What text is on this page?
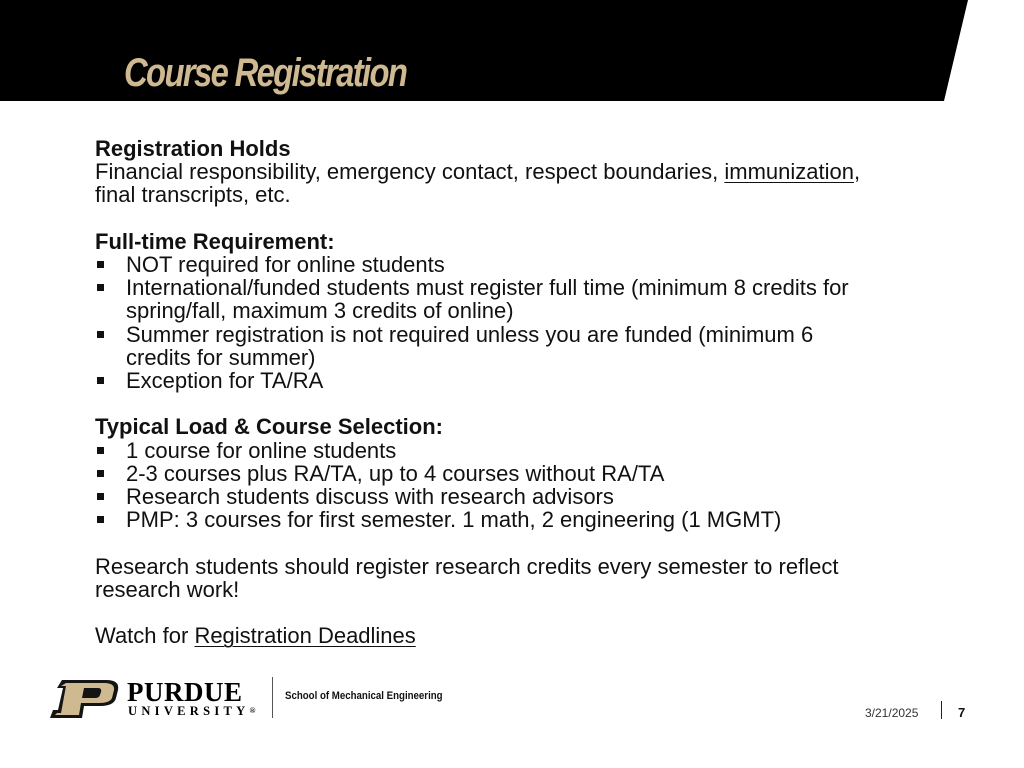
Course Registration
Registration Holds
Financial responsibility, emergency contact, respect boundaries, immunization,
final transcripts, etc.
Full-time Requirement:
NOT required for online students
International/funded students must register full time (minimum 8 credits for
spring/fall, maximum 3 credits of online)
Summer registration is not required unless you are funded (minimum 6
credits for summer)
Exception for TA/RA
Typical Load & Course Selection:
1 course for online students
2-3 courses plus RA/TA, up to 4 courses without RA/TA
Research students discuss with research advisors
PMP: 3 courses for first semester. 1 math, 2 engineering (1 MGMT)
Research students should register research credits every semester to reflect
research work!
Watch for Registration Deadlines
PURDUE
UNIVERSITY®
School of Mechanical Engineering
3/21/2025	7
